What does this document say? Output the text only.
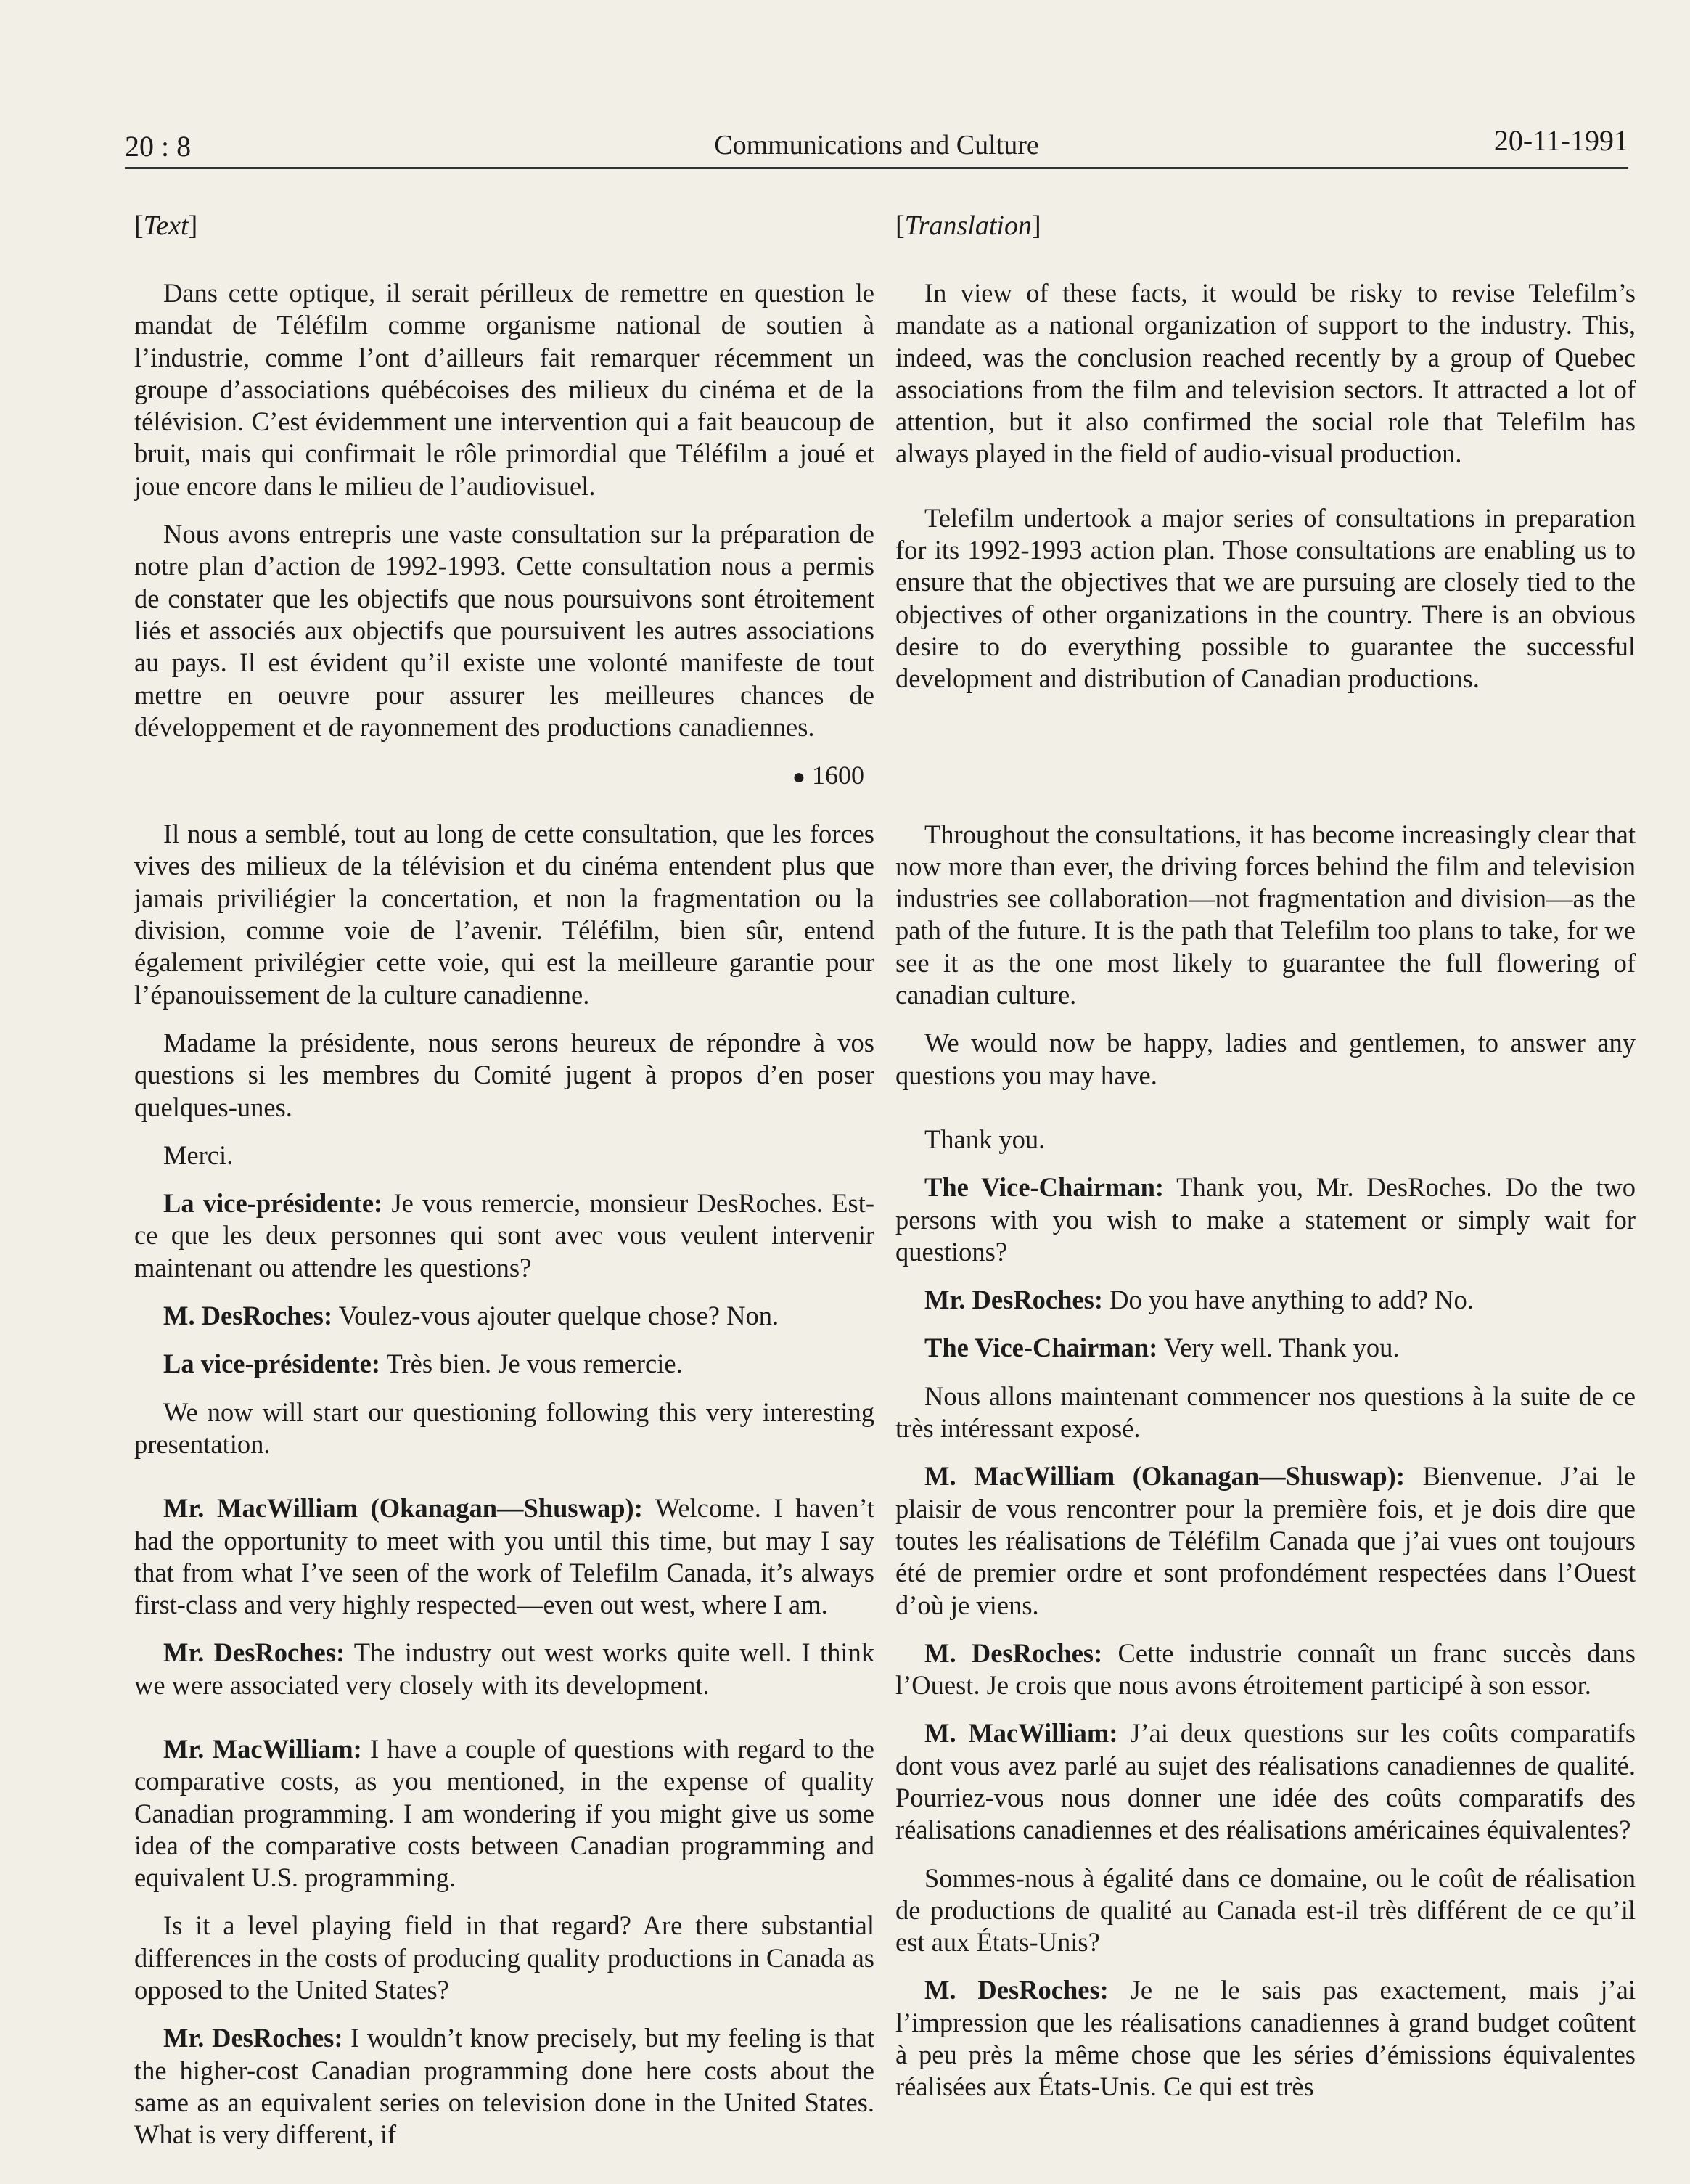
20 : 8	Communications and Culture	20-11-1991
[Text]

Dans cette optique, il serait périlleux de remettre en question le mandat de Téléfilm comme organisme national de soutien à l’industrie, comme l’ont d’ailleurs fait remarquer récemment un groupe d’associations québécoises des milieux du cinéma et de la télévision. C’est évidemment une intervention qui a fait beaucoup de bruit, mais qui confirmait le rôle primordial que Téléfilm a joué et joue encore dans le milieu de l’audiovisuel.

Nous avons entrepris une vaste consultation sur la préparation de notre plan d’action de 1992-1993. Cette consultation nous a permis de constater que les objectifs que nous poursuivons sont étroitement liés et associés aux objectifs que poursuivent les autres associations au pays. Il est évident qu’il existe une volonté manifeste de tout mettre en oeuvre pour assurer les meilleures chances de développement et de rayonnement des productions canadiennes.

● 1600

Il nous a semblé, tout au long de cette consultation, que les forces vives des milieux de la télévision et du cinéma entendent plus que jamais priviliégier la concertation, et non la fragmentation ou la division, comme voie de l’avenir. Téléfilm, bien sûr, entend également privilégier cette voie, qui est la meilleure garantie pour l’épanouissement de la culture canadienne.

Madame la présidente, nous serons heureux de répondre à vos questions si les membres du Comité jugent à propos d’en poser quelques-unes.

Merci.

La vice-présidente: Je vous remercie, monsieur DesRoches. Est-ce que les deux personnes qui sont avec vous veulent intervenir maintenant ou attendre les questions?

M. DesRoches: Voulez-vous ajouter quelque chose? Non.

La vice-présidente: Très bien. Je vous remercie.

We now will start our questioning following this very interesting presentation.

Mr. MacWilliam (Okanagan—Shuswap): Welcome. I haven’t had the opportunity to meet with you until this time, but may I say that from what I’ve seen of the work of Telefilm Canada, it’s always first-class and very highly respected—even out west, where I am.

Mr. DesRoches: The industry out west works quite well. I think we were associated very closely with its development.

Mr. MacWilliam: I have a couple of questions with regard to the comparative costs, as you mentioned, in the expense of quality Canadian programming. I am wondering if you might give us some idea of the comparative costs between Canadian programming and equivalent U.S. programming.

Is it a level playing field in that regard? Are there substantial differences in the costs of producing quality productions in Canada as opposed to the United States?

Mr. DesRoches: I wouldn’t know precisely, but my feeling is that the higher-cost Canadian programming done here costs about the same as an equivalent series on television done in the United States. What is very different, if

[Translation]

In view of these facts, it would be risky to revise Telefilm’s mandate as a national organization of support to the industry. This, indeed, was the conclusion reached recently by a group of Quebec associations from the film and television sectors. It attracted a lot of attention, but it also confirmed the social role that Telefilm has always played in the field of audio-visual production.

Telefilm undertook a major series of consultations in preparation for its 1992-1993 action plan. Those consultations are enabling us to ensure that the objectives that we are pursuing are closely tied to the objectives of other organizations in the country. There is an obvious desire to do everything possible to guarantee the successful development and distribution of Canadian productions.

Throughout the consultations, it has become increasingly clear that now more than ever, the driving forces behind the film and television industries see collaboration—not fragmentation and division—as the path of the future. It is the path that Telefilm too plans to take, for we see it as the one most likely to guarantee the full flowering of canadian culture.

We would now be happy, ladies and gentlemen, to answer any questions you may have.

Thank you.

The Vice-Chairman: Thank you, Mr. DesRoches. Do the two persons with you wish to make a statement or simply wait for questions?

Mr. DesRoches: Do you have anything to add? No.

The Vice-Chairman: Very well. Thank you.

Nous allons maintenant commencer nos questions à la suite de ce très intéressant exposé.

M. MacWilliam (Okanagan—Shuswap): Bienvenue. J’ai le plaisir de vous rencontrer pour la première fois, et je dois dire que toutes les réalisations de Téléfilm Canada que j’ai vues ont toujours été de premier ordre et sont profondément respectées dans l’Ouest d’où je viens.

M. DesRoches: Cette industrie connaît un franc succès dans l’Ouest. Je crois que nous avons étroitement participé à son essor.

M. MacWilliam: J’ai deux questions sur les coûts comparatifs dont vous avez parlé au sujet des réalisations canadiennes de qualité. Pourriez-vous nous donner une idée des coûts comparatifs des réalisations canadiennes et des réalisations américaines équivalentes?

Sommes-nous à égalité dans ce domaine, ou le coût de réalisation de productions de qualité au Canada est-il très différent de ce qu’il est aux États-Unis?

M. DesRoches: Je ne le sais pas exactement, mais j’ai l’impression que les réalisations canadiennes à grand budget coûtent à peu près la même chose que les séries d’émissions équivalentes réalisées aux États-Unis. Ce qui est très
